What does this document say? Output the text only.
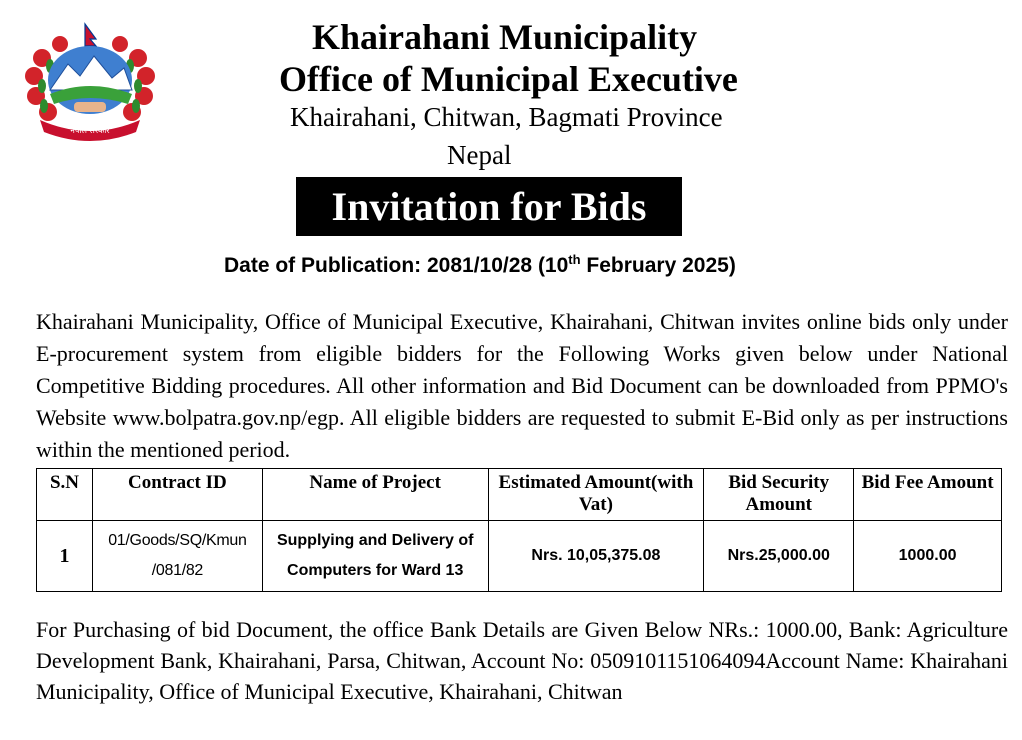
नेपाल सरकार
Khairahani Municipality
Office of Municipal Executive
Khairahani, Chitwan, Bagmati Province
Nepal
Invitation for Bids
Date of Publication: 2081/10/28 (10th February 2025)

Khairahani Municipality, Office of Municipal Executive, Khairahani, Chitwan invites online bids only under E-procurement system from eligible bidders for the Following Works given below under National Competitive Bidding procedures. All other information and Bid Document can be downloaded from PPMO's Website www.bolpatra.gov.np/egp. All eligible bidders are requested to submit E-Bid only as per instructions within the mentioned period.

S.N	Contract ID	Name of Project	Estimated Amount(with Vat)	Bid Security Amount	Bid Fee Amount
1	01/Goods/SQ/Kmun /081/82	Supplying and Delivery of Computers for Ward 13	Nrs. 10,05,375.08	Nrs.25,000.00	1000.00

For Purchasing of bid Document, the office Bank Details are Given Below NRs.: 1000.00, Bank: Agriculture Development Bank, Khairahani, Parsa, Chitwan, Account No: 0509101151064094Account Name: Khairahani Municipality, Office of Municipal Executive, Khairahani, Chitwan
